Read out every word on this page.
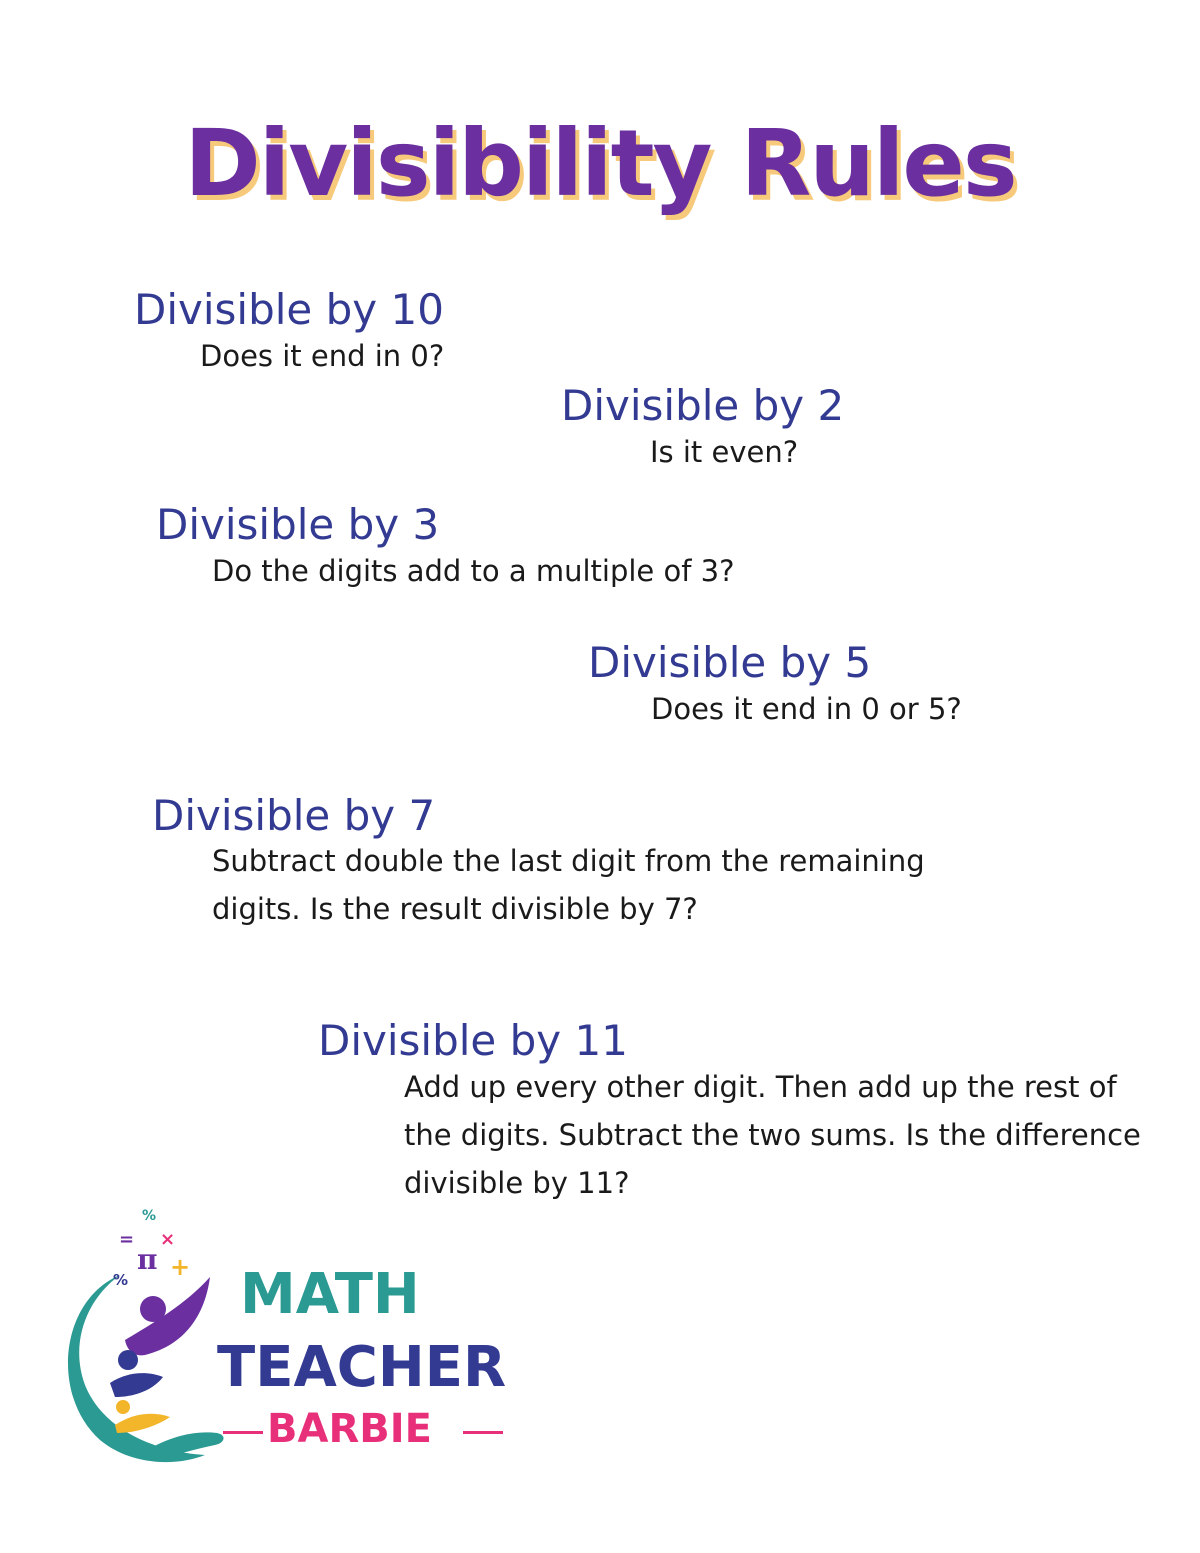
Divisibility Rules
Divisible by 10
Does it end in 0?
Divisible by 2
Is it even?
Divisible by 3
Do the digits add to a multiple of 3?
Divisible by 5
Does it end in 0 or 5?
Divisible by 7
Subtract double the last digit from the remaining digits. Is the result divisible by 7?
Divisible by 11
Add up every other digit. Then add up the rest of the digits. Subtract the two sums. Is the difference divisible by 11?
%
= ×
π +
% MATH
TEACHER
BARBIE
